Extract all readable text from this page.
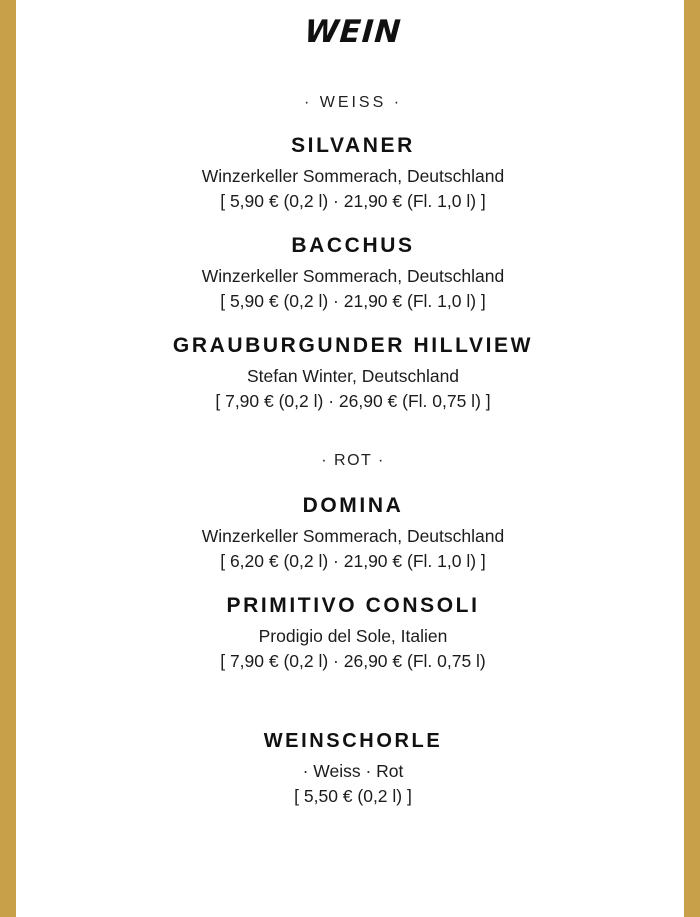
WEIN
· WEISS ·
SILVANER
Winzerkeller Sommerach, Deutschland
[ 5,90 € (0,2 l) · 21,90 € (Fl. 1,0 l) ]
BACCHUS
Winzerkeller Sommerach, Deutschland
[ 5,90 € (0,2 l) · 21,90 € (Fl. 1,0 l) ]
GRAUBURGUNDER HILLVIEW
Stefan Winter, Deutschland
[ 7,90 € (0,2 l) · 26,90 € (Fl. 0,75 l) ]
· ROT ·
DOMINA
Winzerkeller Sommerach, Deutschland
[ 6,20 € (0,2 l) · 21,90 € (Fl. 1,0 l) ]
PRIMITIVO CONSOLI
Prodigio del Sole, Italien
[ 7,90 € (0,2 l) · 26,90 € (Fl. 0,75 l)
WEINSCHORLE
· Weiss · Rot
[ 5,50 € (0,2 l) ]
